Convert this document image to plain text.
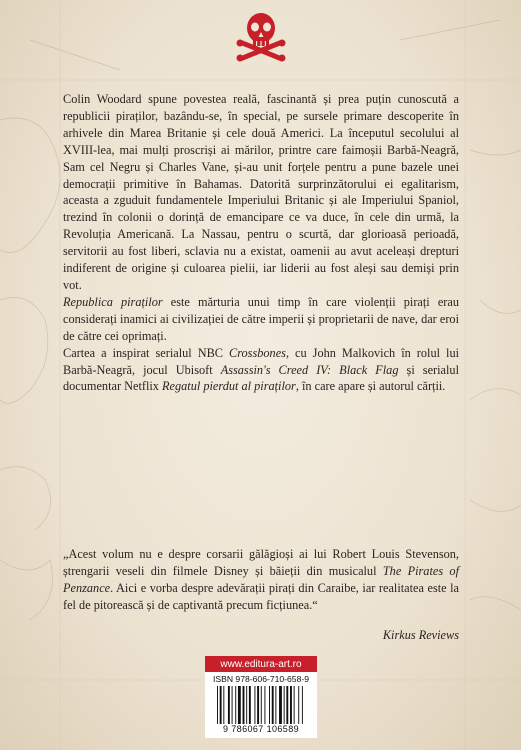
Colin Woodard spune povestea reală, fascinantă și prea puțin cunoscută a republicii piraților, bazându-se, în special, pe sursele primare descoperite în arhivele din Marea Britanie și cele două Americi. La începutul secolului al XVIII-lea, mai mulți proscriși ai mărilor, printre care faimoșii Barbă-Neagră, Sam cel Negru și Charles Vane, și-au unit forțele pentru a pune bazele unei democrații primitive în Bahamas. Datorită surprinzătorului ei egalitarism, aceasta a zguduit fundamentele Imperiului Britanic și ale Imperiului Spaniol, trezind în colonii o dorință de emancipare ce va duce, în cele din urmă, la Revoluția Americană. La Nassau, pentru o scurtă, dar glorioasă perioadă, servitorii au fost liberi, sclavia nu a existat, oamenii au avut aceleași drepturi indiferent de origine și culoarea pielii, iar liderii au fost aleși sau demiși prin vot.

Republica piraților este mărturia unui timp în care violenții pirați erau considerați inamici ai civilizației de către imperii și proprietarii de nave, dar eroi de către cei oprimați.

Cartea a inspirat serialul NBC Crossbones, cu John Malkovich în rolul lui Barbă-Neagră, jocul Ubisoft Assassin's Creed IV: Black Flag și serialul documentar Netflix Regatul pierdut al piraților, în care apare și autorul cărții.

„Acest volum nu e despre corsarii gălăgioși ai lui Robert Louis Stevenson, ștrengarii veseli din filmele Disney și băieții din musicalul The Pirates of Penzance. Aici e vorba despre adevărații pirați din Caraibe, iar realitatea este la fel de pitorească și de captivantă precum ficțiunea.“

Kirkus Reviews
www.editura-art.ro
ISBN 978-606-710-658-9
9 786067 106589
